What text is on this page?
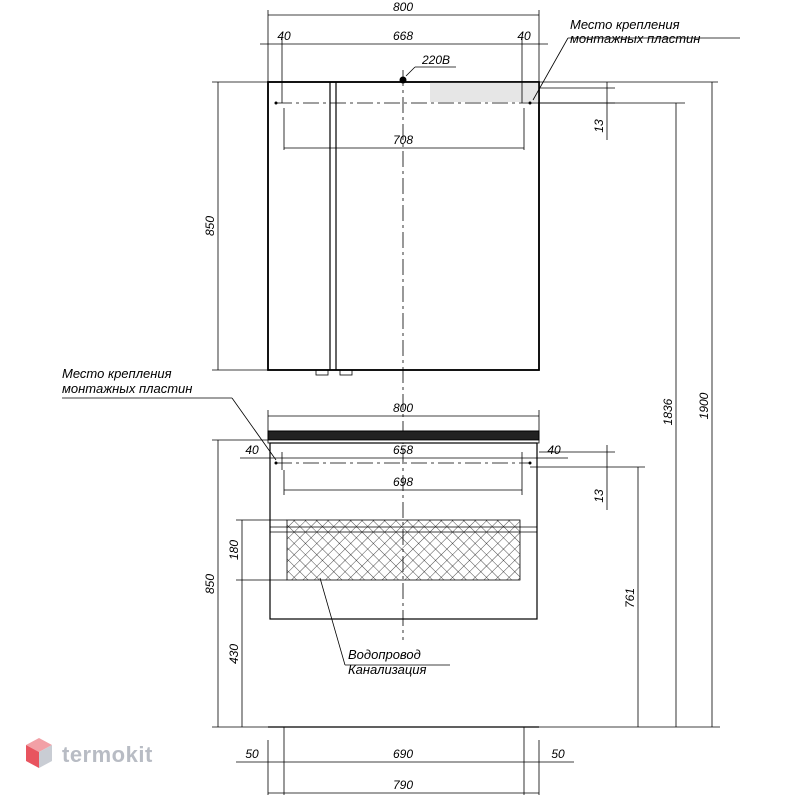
800
40	668	40
708
220В
Место крепления
монтажных пластин
850
13
Место крепления
монтажных пластин
800
40	658	40
698
13
850
180
430
761
1836 1900
Водопровод
Канализация
50	690	50
790
termokit
